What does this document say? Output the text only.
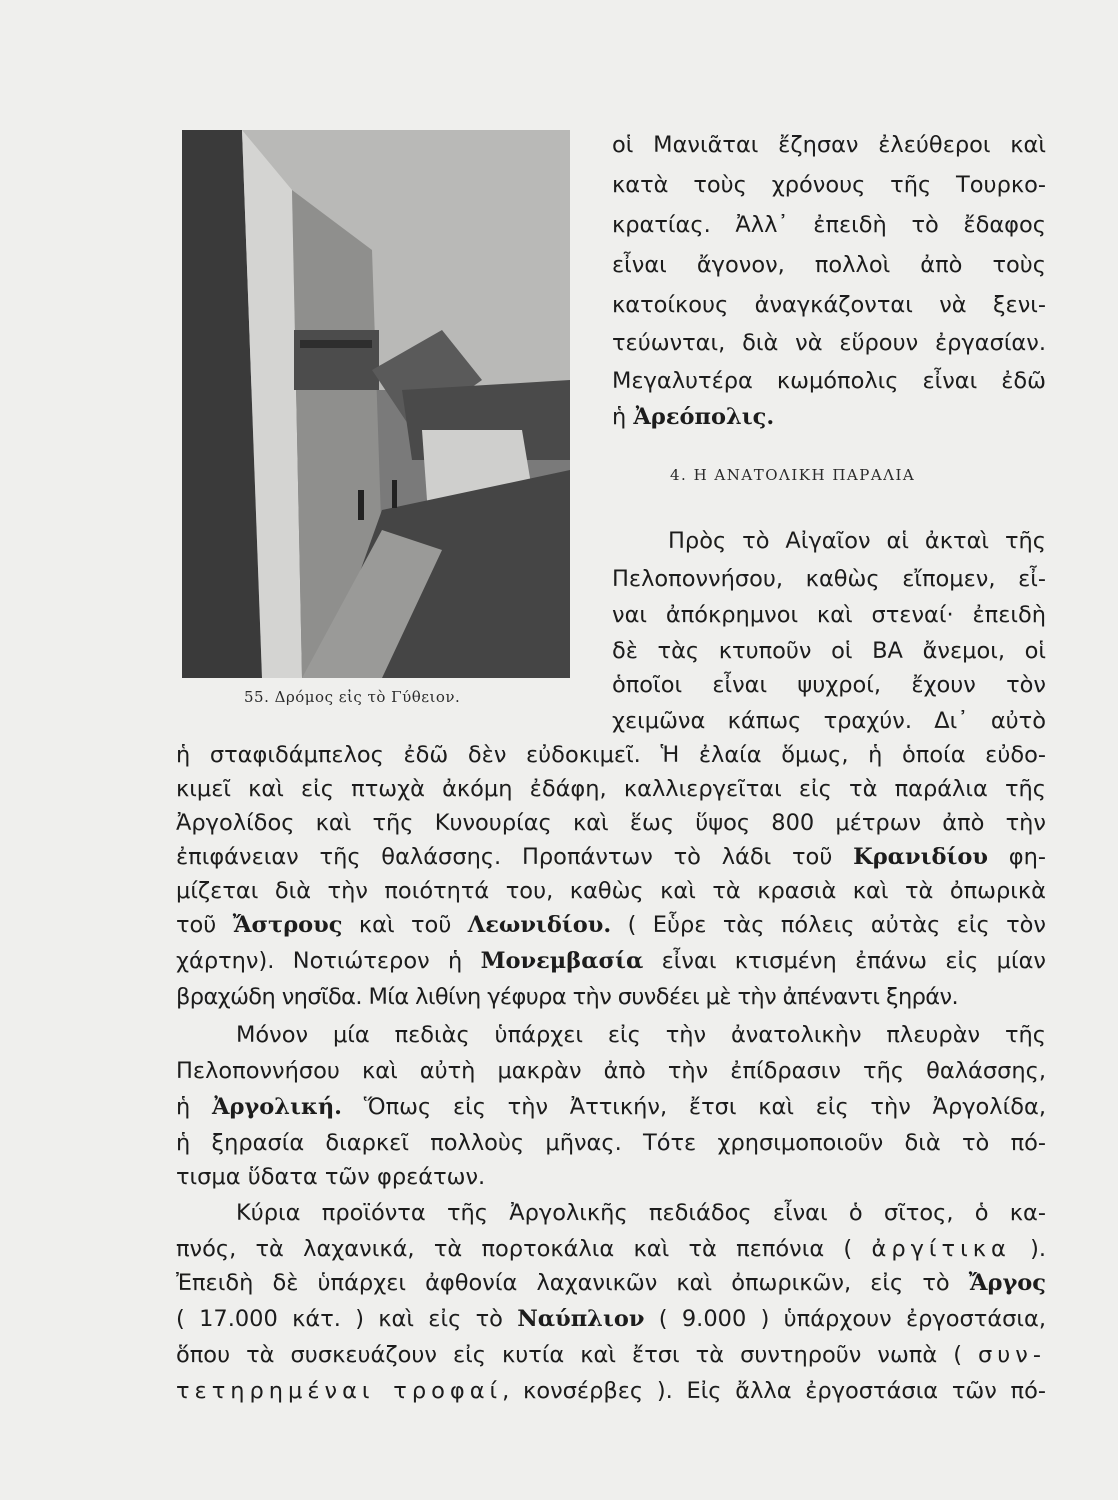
55. Δρόμος εἰς τὸ Γύθειον.
οἱ Μανιᾶται ἔζησαν ἐλεύθεροι καὶ
κατὰ τοὺς χρόνους τῆς Τουρκο-
κρατίας. Ἀλλ᾽ ἐπειδὴ τὸ ἔδαφος
εἶναι ἄγονον, πολλοὶ ἀπὸ τοὺς
κατοίκους ἀναγκάζονται νὰ ξενι-
τεύωνται, διὰ νὰ εὕρουν ἐργασίαν.
Μεγαλυτέρα κωμόπολις εἶναι ἐδῶ
ἡ Ἀρεόπολις.
4. Η ΑΝΑΤΟΛΙΚΗ ΠΑΡΑΛΙΑ
Πρὸς τὸ Αἰγαῖον αἱ ἀκταὶ τῆς
Πελοποννήσου, καθὼς εἴπομεν, εἶ-
ναι ἀπόκρημνοι καὶ στεναί· ἐπειδὴ
δὲ τὰς κτυποῦν οἱ ΒΑ ἄνεμοι, οἱ
ὁποῖοι εἶναι ψυχροί, ἔχουν τὸν
χειμῶνα κάπως τραχύν. Δι᾽ αὐτὸ
ἡ σταφιδάμπελος ἐδῶ δὲν εὐδοκιμεῖ. Ἡ ἐλαία ὅμως, ἡ ὁποία εὐδο-
κιμεῖ καὶ εἰς πτωχὰ ἀκόμη ἐδάφη, καλλιεργεῖται εἰς τὰ παράλια τῆς
Ἀργολίδος καὶ τῆς Κυνουρίας καὶ ἕως ὕψος 800 μέτρων ἀπὸ τὴν
ἐπιφάνειαν τῆς θαλάσσης. Προπάντων τὸ λάδι τοῦ Κρανιδίου φη-
μίζεται διὰ τὴν ποιότητά του, καθὼς καὶ τὰ κρασιὰ καὶ τὰ ὀπωρικὰ
τοῦ Ἄστρους καὶ τοῦ Λεωνιδίου. ( Εὗρε τὰς πόλεις αὐτὰς εἰς τὸν
χάρτην). Νοτιώτερον ἡ Μονεμβασία εἶναι κτισμένη ἐπάνω εἰς μίαν
βραχώδη νησῖδα. Μία λιθίνη γέφυρα τὴν συνδέει μὲ τὴν ἀπέναντι ξηράν.
Μόνον μία πεδιὰς ὑπάρχει εἰς τὴν ἀνατολικὴν πλευρὰν τῆς
Πελοποννήσου καὶ αὐτὴ μακρὰν ἀπὸ τὴν ἐπίδρασιν τῆς θαλάσσης,
ἡ Ἀργολική. Ὅπως εἰς τὴν Ἀττικήν, ἔτσι καὶ εἰς τὴν Ἀργολίδα,
ἡ ξηρασία διαρκεῖ πολλοὺς μῆνας. Τότε χρησιμοποιοῦν διὰ τὸ πό-
τισμα ὕδατα τῶν φρεάτων.
Κύρια προϊόντα τῆς Ἀργολικῆς πεδιάδος εἶναι ὁ σῖτος, ὁ κα-
πνός, τὰ λαχανικά, τὰ πορτοκάλια καὶ τὰ πεπόνια ( ἀργίτικα ).
Ἐπειδὴ δὲ ὑπάρχει ἀφθονία λαχανικῶν καὶ ὀπωρικῶν, εἰς τὸ Ἄργος
( 17.000 κάτ. ) καὶ εἰς τὸ Ναύπλιον ( 9.000 ) ὑπάρχουν ἐργοστάσια,
ὅπου τὰ συσκευάζουν εἰς κυτία καὶ ἔτσι τὰ συντηροῦν νωπὰ ( συν-
τετηρημέναι τροφαί, κονσέρβες ). Εἰς ἄλλα ἐργοστάσια τῶν πό-
